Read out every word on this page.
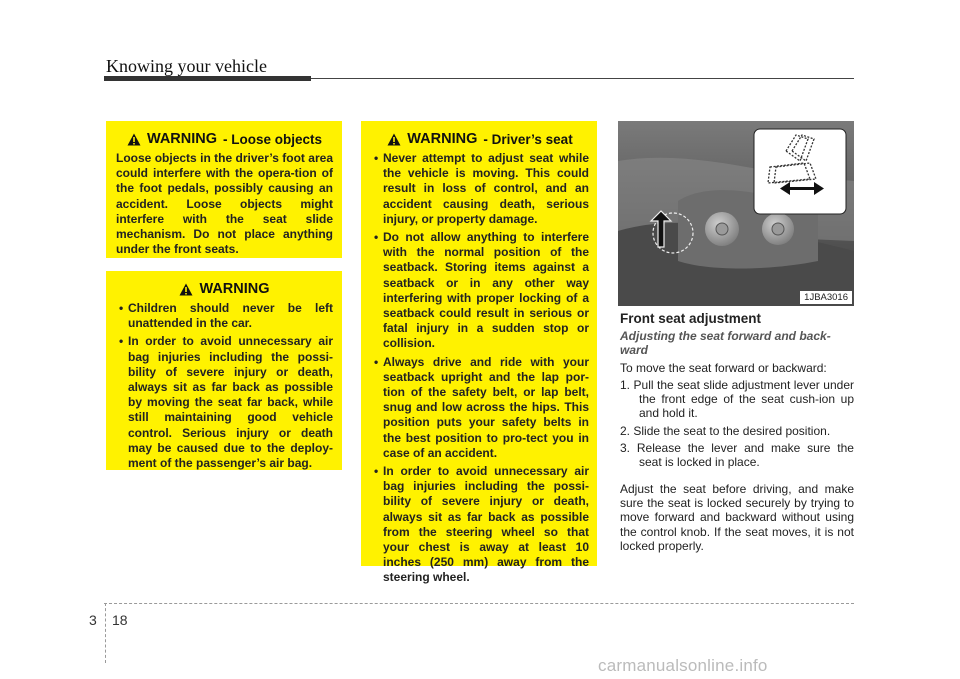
Knowing your vehicle
WARNING - Loose objects

Loose objects in the driver’s foot area could interfere with the opera-tion of the foot pedals, possibly causing an accident. Loose objects might interfere with the seat slide mechanism. Do not place anything under the front seats.

WARNING
• Children should never be left unattended in the car.
• In order to avoid unnecessary air bag injuries including the possi-bility of severe injury or death, always sit as far back as possible by moving the seat far back, while still maintaining good vehicle control. Serious injury or death may be caused due to the deploy-ment of the passenger’s air bag.
WARNING - Driver’s seat
• Never attempt to adjust seat while the vehicle is moving. This could result in loss of control, and an accident causing death, serious injury, or property damage.
• Do not allow anything to interfere with the normal position of the seatback. Storing items against a seatback or in any other way interfering with proper locking of a seatback could result in serious or fatal injury in a sudden stop or collision.
• Always drive and ride with your seatback upright and the lap por-tion of the safety belt, or lap belt, snug and low across the hips. This position puts your safety belts in the best position to pro-tect you in case of an accident.
• In order to avoid unnecessary air bag injuries including the possi-bility of severe injury or death, always sit as far back as possible from the steering wheel so that your chest is away at least 10 inches (250 mm) away from the steering wheel.
1JBA3016
Front seat adjustment
Adjusting the seat forward and back-ward
To move the seat forward or backward:
1. Pull the seat slide adjustment lever under the front edge of the seat cush-ion up and hold it.
2. Slide the seat to the desired position.
3. Release the lever and make sure the seat is locked in place.
Adjust the seat before driving, and make sure the seat is locked securely by trying to move forward and backward without using the control knob. If the seat moves, it is not locked properly.
3 18
carmanualsonline.info
